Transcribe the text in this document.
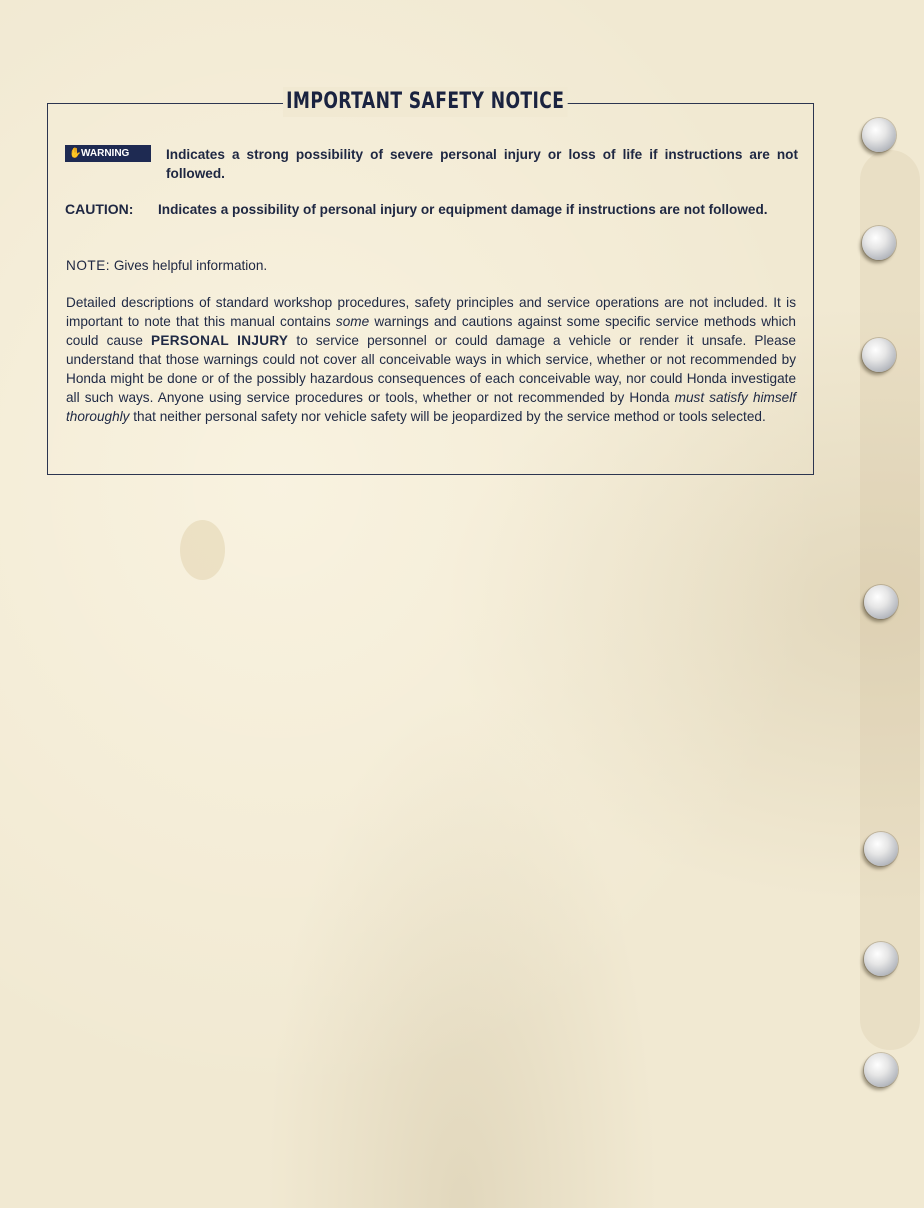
IMPORTANT SAFETY NOTICE
✋WARNING	Indicates a strong possibility of severe personal injury or loss of life if instructions are not followed.
CAUTION: Indicates a possibility of personal injury or equipment damage if instructions are not followed.
NOTE: Gives helpful information.
Detailed descriptions of standard workshop procedures, safety principles and service operations are not included. It is important to note that this manual contains some warnings and cautions against some specific service methods which could cause PERSONAL INJURY to service personnel or could damage a vehicle or render it unsafe. Please understand that those warnings could not cover all conceivable ways in which service, whether or not recommended by Honda might be done or of the possibly hazardous consequences of each conceivable way, nor could Honda investigate all such ways. Anyone using service procedures or tools, whether or not recommended by Honda must satisfy himself thoroughly that neither personal safety nor vehicle safety will be jeopardized by the service method or tools selected.
